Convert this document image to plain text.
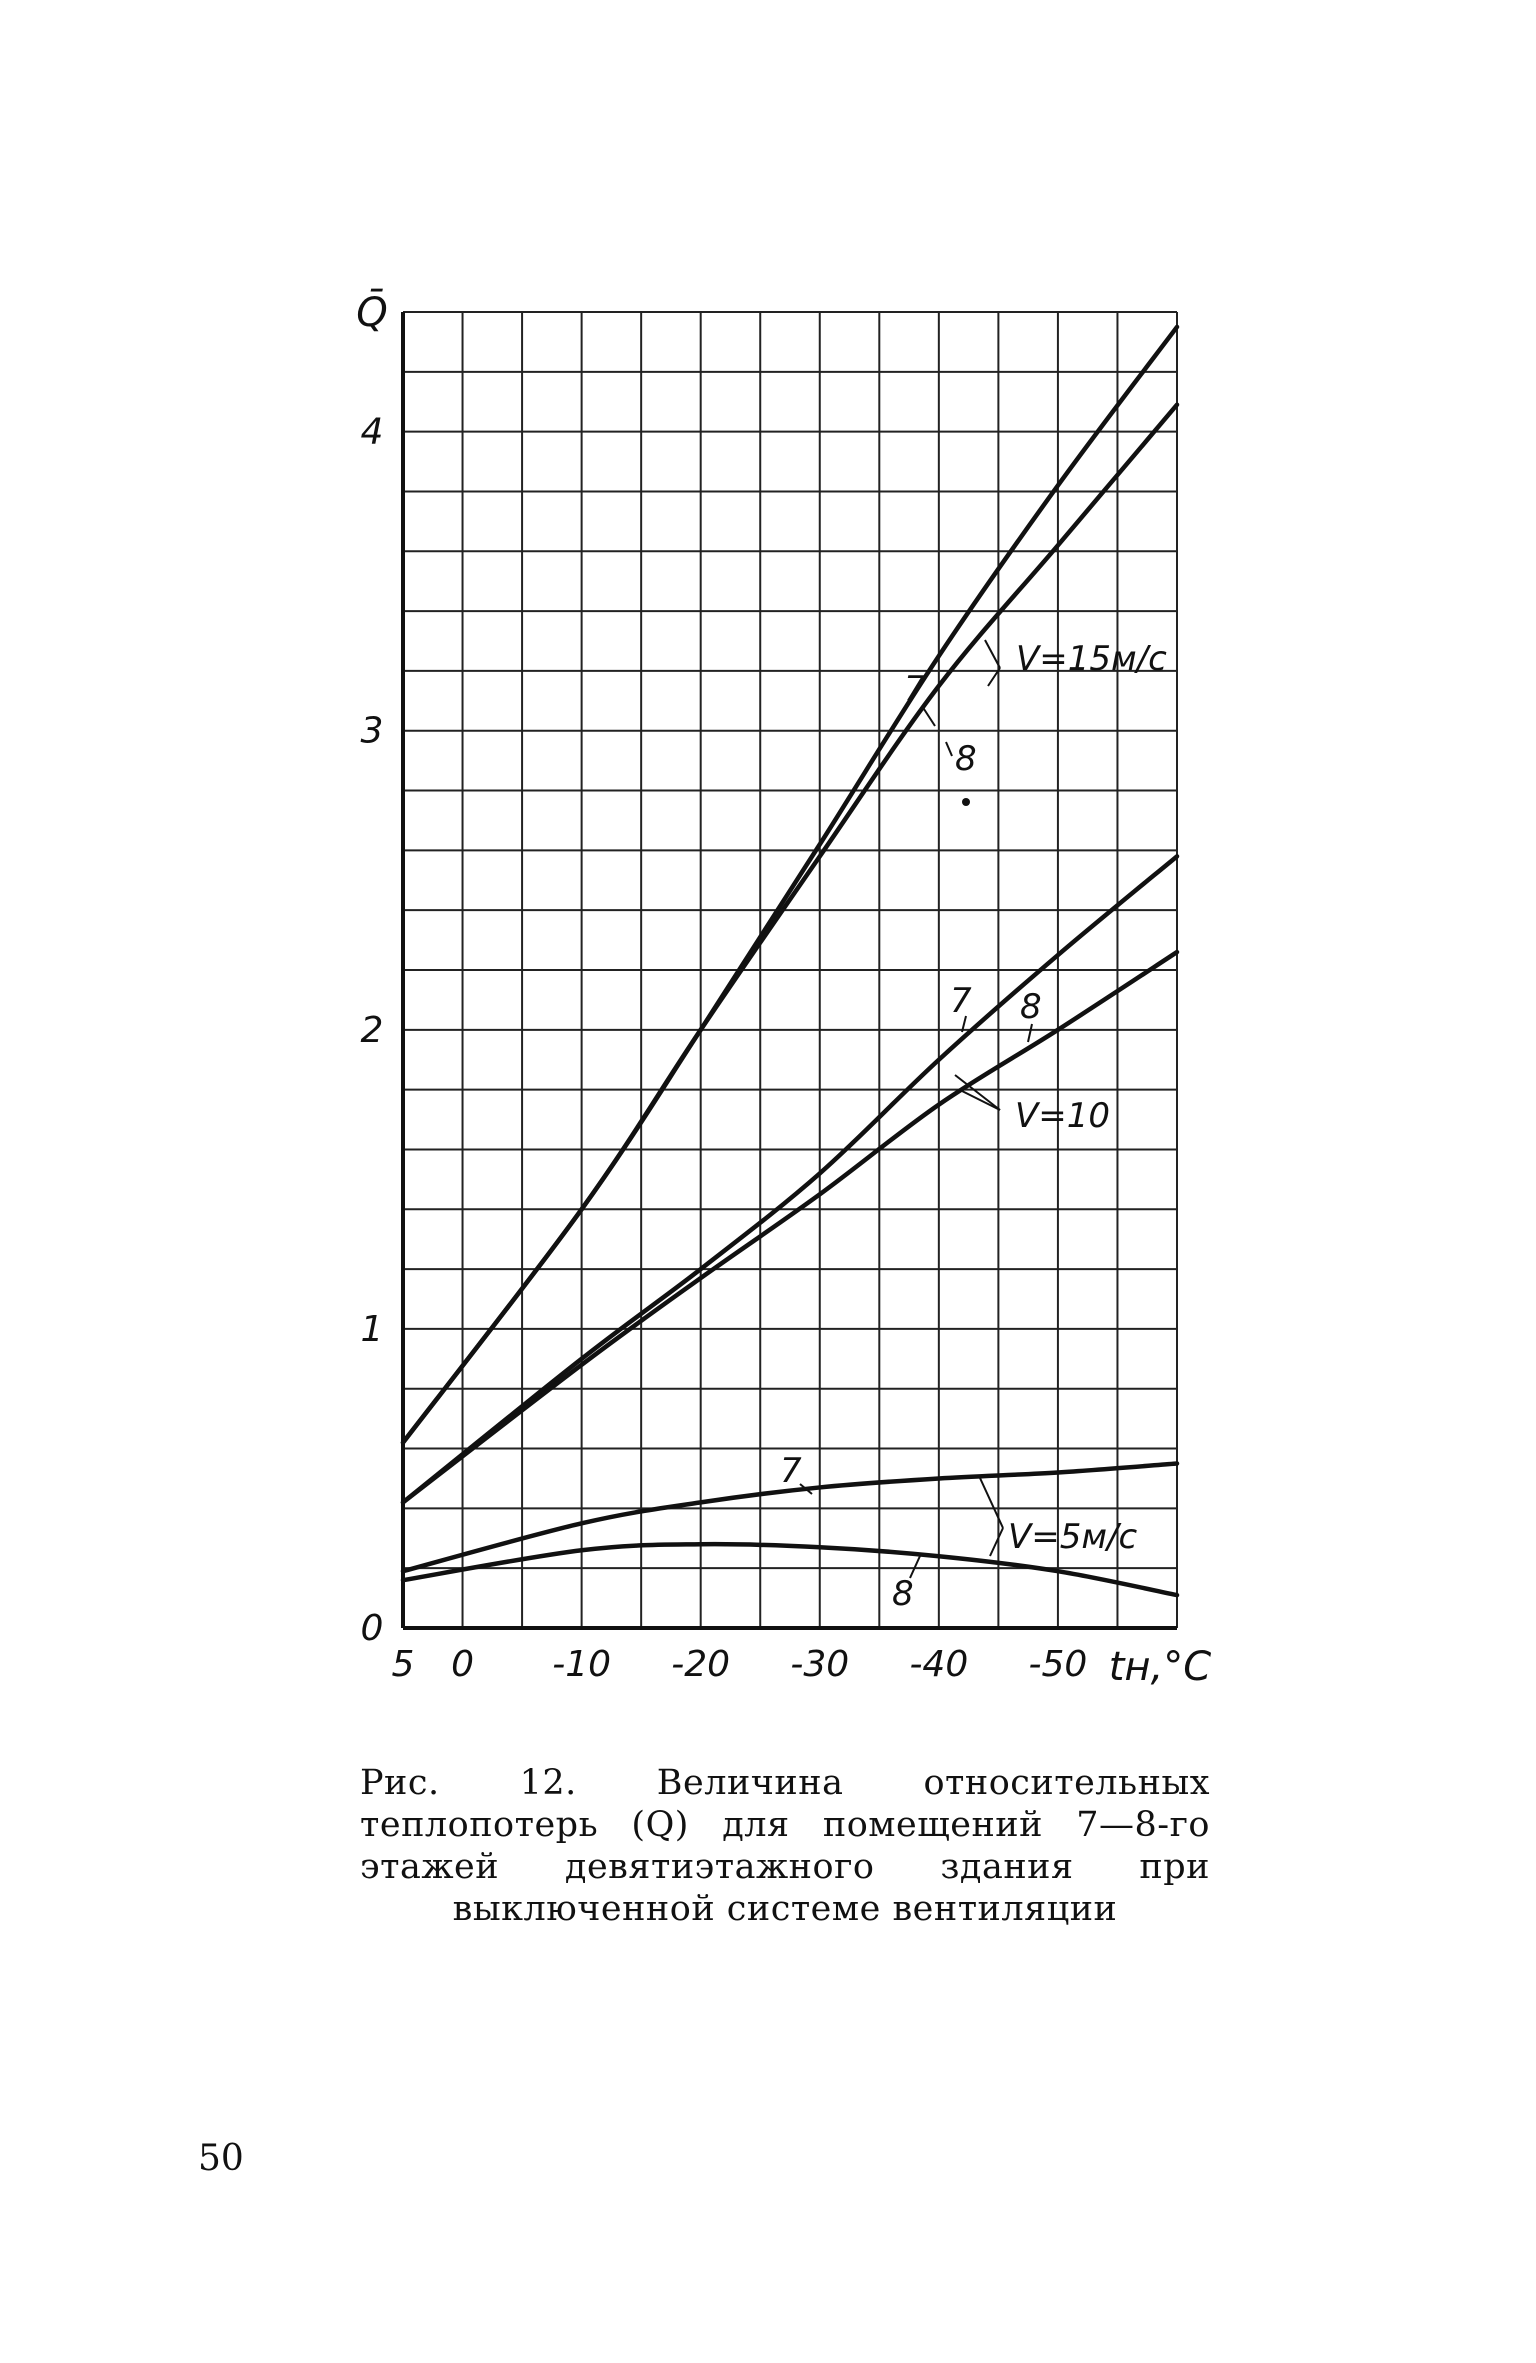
5 0 -10 -20 -30 -40 -50
0
1
2
3
4
Q̄
tн,°C
V=15м/с
V=10
V=5м/с
7
8
7 8
7
8
Рис. 12. Величина относительных теплопотерь (Q) для помещений 7—8-го этажей девятиэтажного здания при выключенной системе вентиляции
50
